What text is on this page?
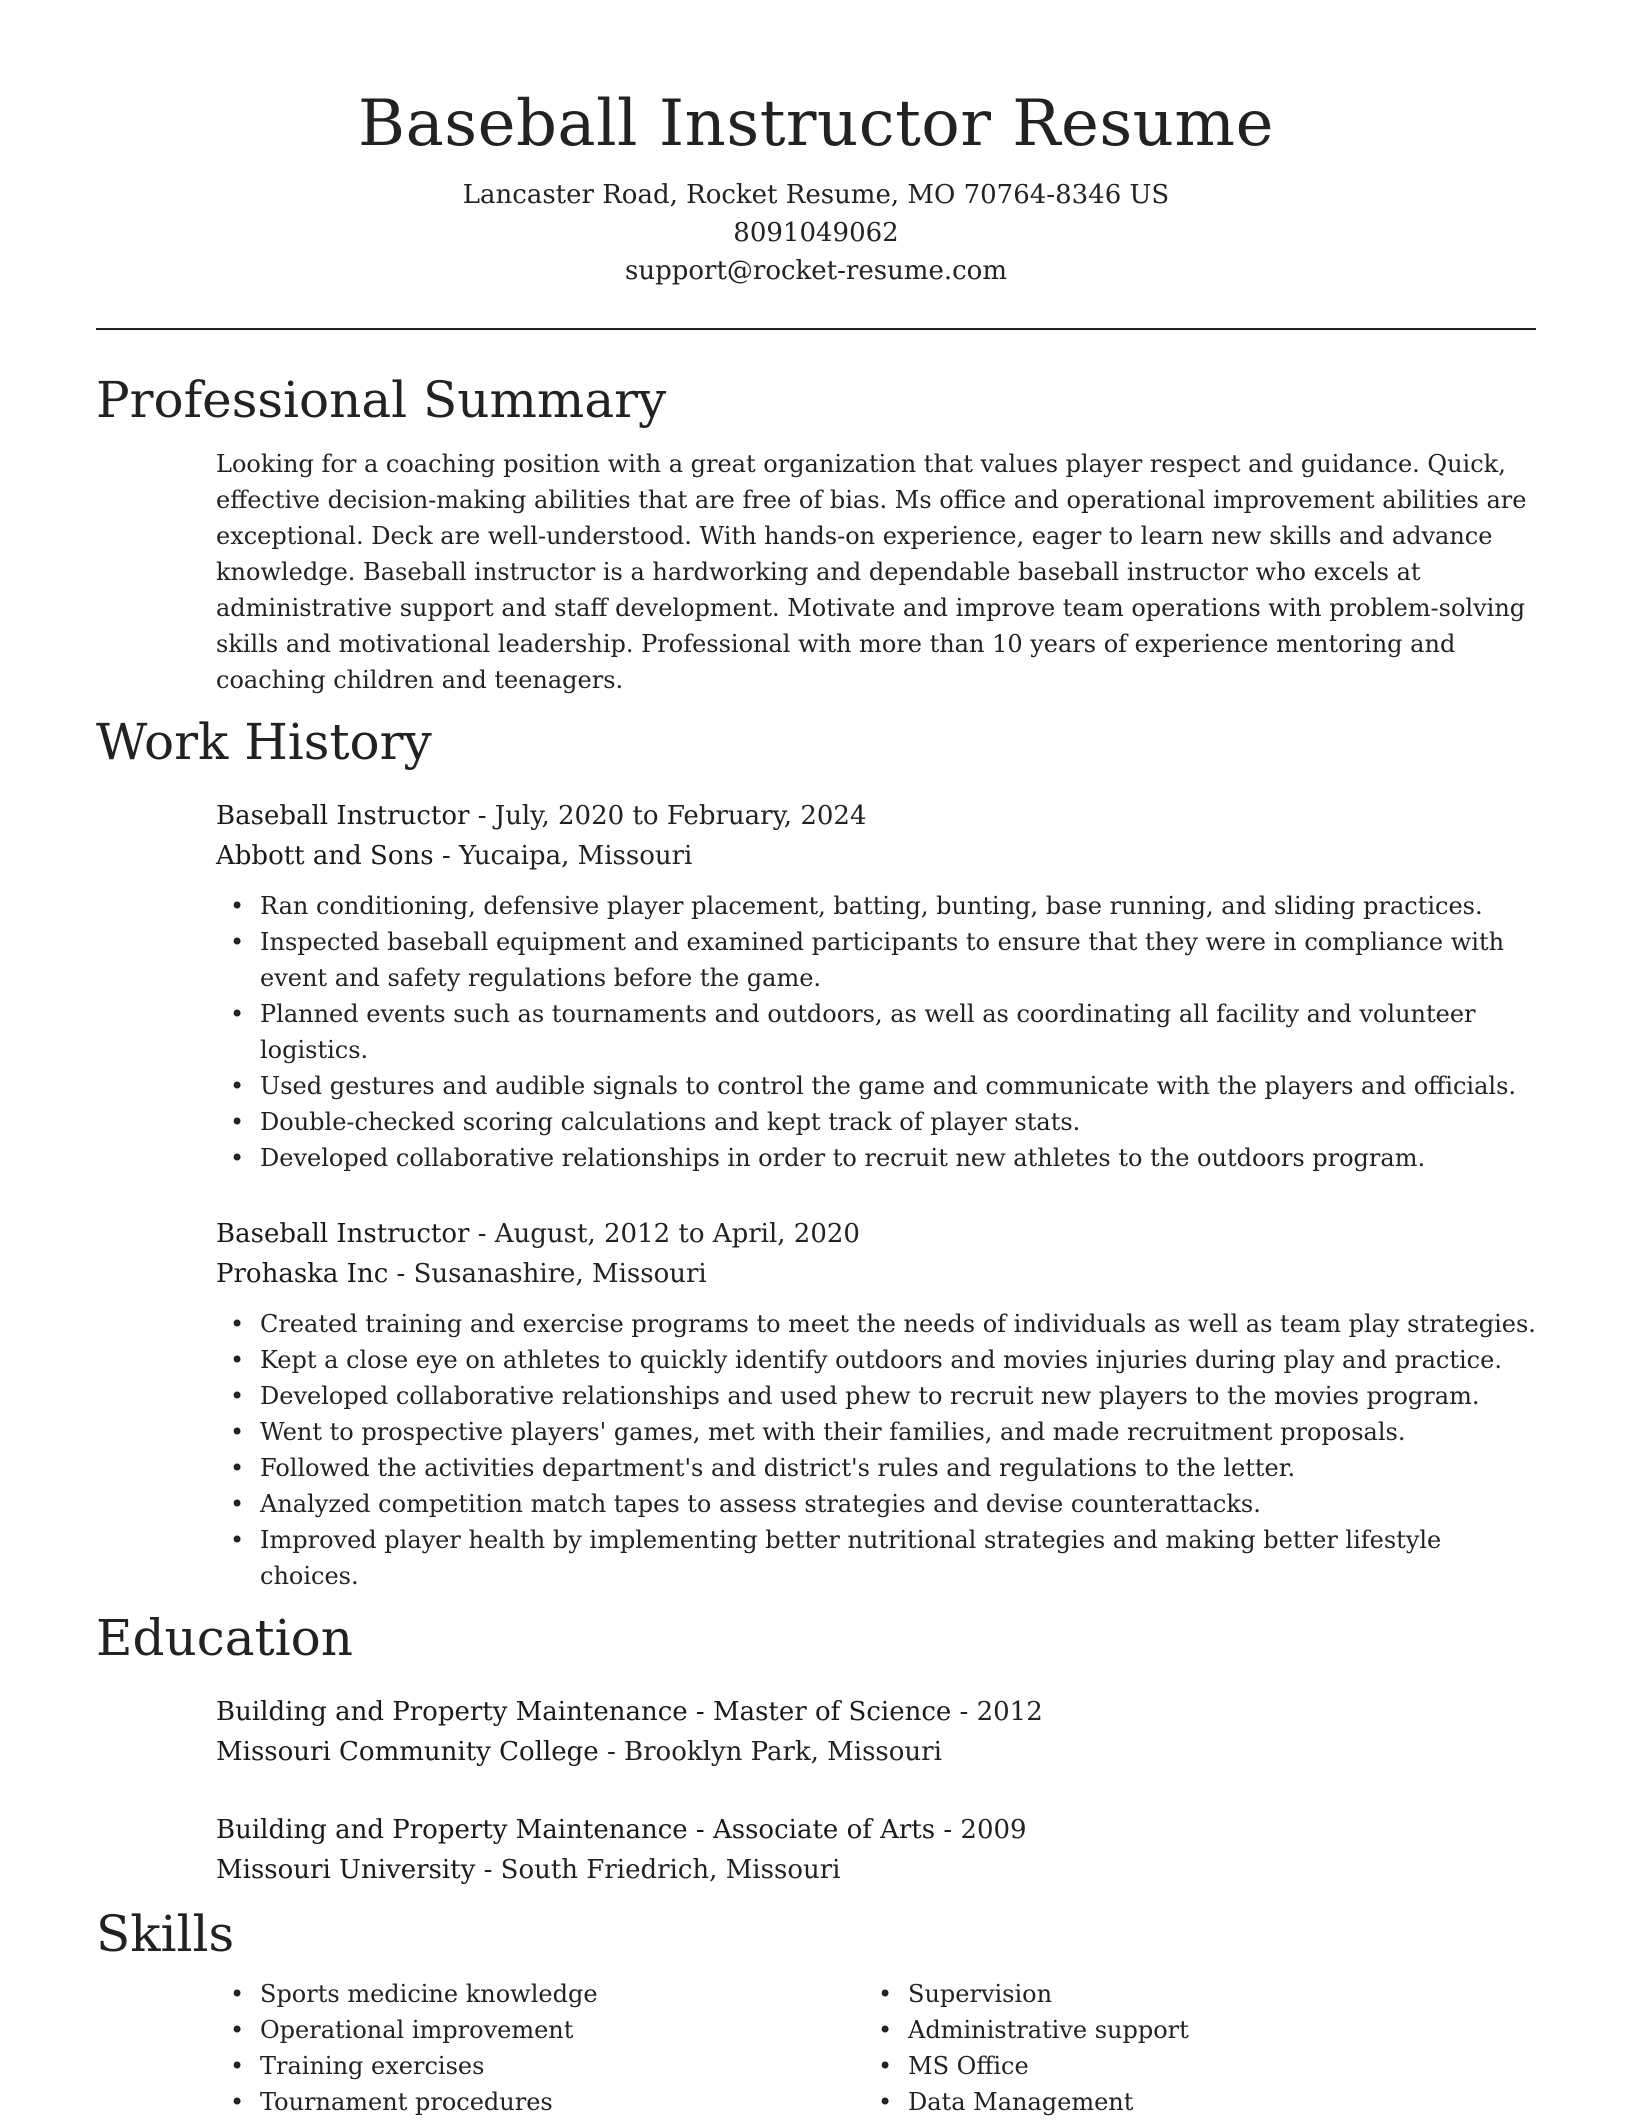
Baseball Instructor Resume

Lancaster Road, Rocket Resume, MO 70764-8346 US

8091049062

support@rocket-resume.com

Professional Summary

Looking for a coaching position with a great organization that values player respect and guidance. Quick, effective decision-making abilities that are free of bias. Ms office and operational improvement abilities are exceptional. Deck are well-understood. With hands-on experience, eager to learn new skills and advance knowledge. Baseball instructor is a hardworking and dependable baseball instructor who excels at administrative support and staff development. Motivate and improve team operations with problem-solving skills and motivational leadership. Professional with more than 10 years of experience mentoring and coaching children and teenagers.

Work History

Baseball Instructor - July, 2020 to February, 2024

Abbott and Sons - Yucaipa, Missouri

• Ran conditioning, defensive player placement, batting, bunting, base running, and sliding practices.
• Inspected baseball equipment and examined participants to ensure that they were in compliance with event and safety regulations before the game.
• Planned events such as tournaments and outdoors, as well as coordinating all facility and volunteer logistics.
• Used gestures and audible signals to control the game and communicate with the players and officials.
• Double-checked scoring calculations and kept track of player stats.
• Developed collaborative relationships in order to recruit new athletes to the outdoors program.

Baseball Instructor - August, 2012 to April, 2020

Prohaska Inc - Susanashire, Missouri

• Created training and exercise programs to meet the needs of individuals as well as team play strategies.
• Kept a close eye on athletes to quickly identify outdoors and movies injuries during play and practice.
• Developed collaborative relationships and used phew to recruit new players to the movies program.
• Went to prospective players' games, met with their families, and made recruitment proposals.
• Followed the activities department's and district's rules and regulations to the letter.
• Analyzed competition match tapes to assess strategies and devise counterattacks.
• Improved player health by implementing better nutritional strategies and making better lifestyle choices.
Education

Building and Property Maintenance - Master of Science - 2012

Missouri Community College - Brooklyn Park, Missouri

Building and Property Maintenance - Associate of Arts - 2009

Missouri University - South Friedrich, Missouri

Skills
• Sports medicine knowledge
• Operational improvement
• Training exercises
• Tournament procedures
• Supervision
• Administrative support
• MS Office
• Data Management
